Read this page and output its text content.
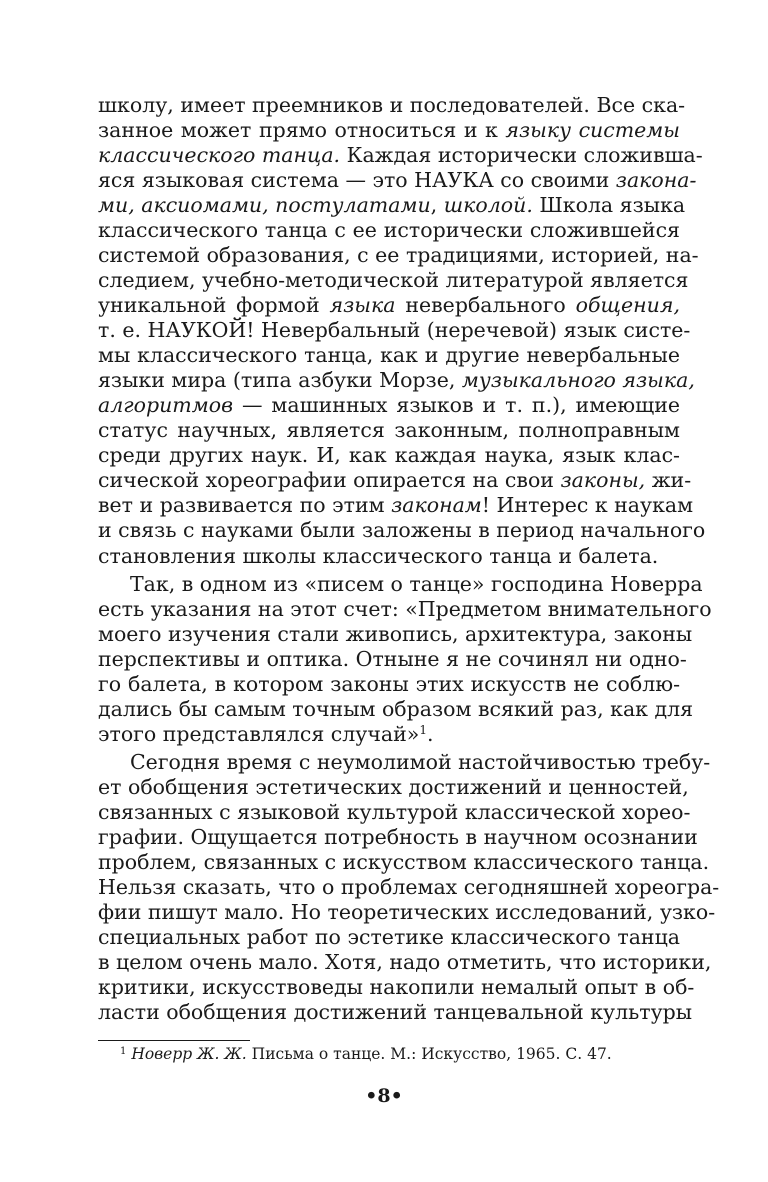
школу, имеет преемников и последователей. Все ска-
занное может прямо относиться и к языку системы
классического танца. Каждая исторически сложивша-
яся языковая система — это НАУКА со своими закона-
ми, аксиомами, постулатами, школой. Школа языка
классического танца с ее исторически сложившейся
системой образования, с ее традициями, историей, на-
следием, учебно-методической литературой является
уникальной формой языка невербального общения,
т. е. НАУКОЙ! Невербальный (неречевой) язык систе-
мы классического танца, как и другие невербальные
языки мира (типа азбуки Морзе, музыкального языка,
алгоритмов — машинных языков и т. п.), имеющие
статус научных, является законным, полноправным
среди других наук. И, как каждая наука, язык клас-
сической хореографии опирается на свои законы, жи-
вет и развивается по этим законам! Интерес к наукам
и связь с науками были заложены в период начального
становления школы классического танца и балета.
Так, в одном из «писем о танце» господина Новерра
есть указания на этот счет: «Предметом внимательного
моего изучения стали живопись, архитектура, законы
перспективы и оптика. Отныне я не сочинял ни одно-
го балета, в котором законы этих искусств не соблю-
дались бы самым точным образом всякий раз, как для
этого представлялся случай»$^1$.
Сегодня время с неумолимой настойчивостью требу-
ет обобщения эстетических достижений и ценностей,
связанных с языковой культурой классической хорео-
графии. Ощущается потребность в научном осознании
проблем, связанных с искусством классического танца.
Нельзя сказать, что о проблемах сегодняшней хореогра-
фии пишут мало. Но теоретических исследований, узко-
специальных работ по эстетике классического танца
в целом очень мало. Хотя, надо отметить, что историки,
критики, искусствоведы накопили немалый опыт в об-
ласти обобщения достижений танцевальной культуры
$^1$ Новерр Ж. Ж. Письма о танце. М.: Искусство, 1965. С. 47.
•8•
